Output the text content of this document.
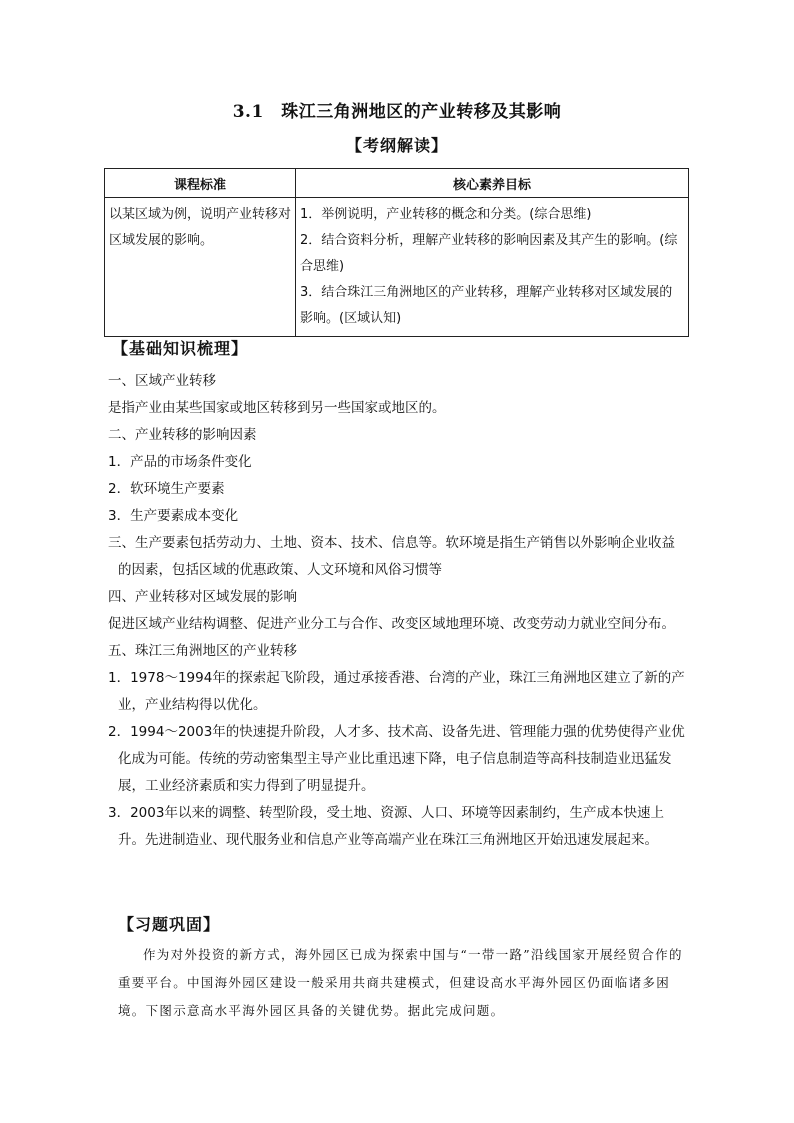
3.1　珠江三角洲地区的产业转移及其影响
【考纲解读】
课程标准	核心素养目标
以某区域为例，说明产业转移对区域发展的影响。	1．举例说明，产业转移的概念和分类。(综合思维)

2．结合资料分析，理解产业转移的影响因素及其产生的影响。(综合思维)

3．结合珠江三角洲地区的产业转移，理解产业转移对区域发展的影响。(区域认知)

【基础知识梳理】

一、区域产业转移

是指产业由某些国家或地区转移到另一些国家或地区的。

二、产业转移的影响因素

1．产品的市场条件变化

2．软环境生产要素

3．生产要素成本变化

三、生产要素包括劳动力、土地、资本、技术、信息等。软环境是指生产销售以外影响企业收益的因素，包括区域的优惠政策、人文环境和风俗习惯等

四、产业转移对区域发展的影响

促进区域产业结构调整、促进产业分工与合作、改变区域地理环境、改变劳动力就业空间分布。

五、珠江三角洲地区的产业转移

1．1978～1994年的探索起飞阶段，通过承接香港、台湾的产业，珠江三角洲地区建立了新的产业，产业结构得以优化。

2．1994～2003年的快速提升阶段，人才多、技术高、设备先进、管理能力强的优势使得产业优化成为可能。传统的劳动密集型主导产业比重迅速下降，电子信息制造等高科技制造业迅猛发展，工业经济素质和实力得到了明显提升。

3．2003年以来的调整、转型阶段，受土地、资源、人口、环境等因素制约，生产成本快速上升。先进制造业、现代服务业和信息产业等高端产业在珠江三角洲地区开始迅速发展起来。

【习题巩固】

作为对外投资的新方式，海外园区已成为探索中国与“一带一路”沿线国家开展经贸合作的重要平台。中国海外园区建设一般采用共商共建模式，但建设高水平海外园区仍面临诸多困境。下图示意高水平海外园区具备的关键优势。据此完成问题。
